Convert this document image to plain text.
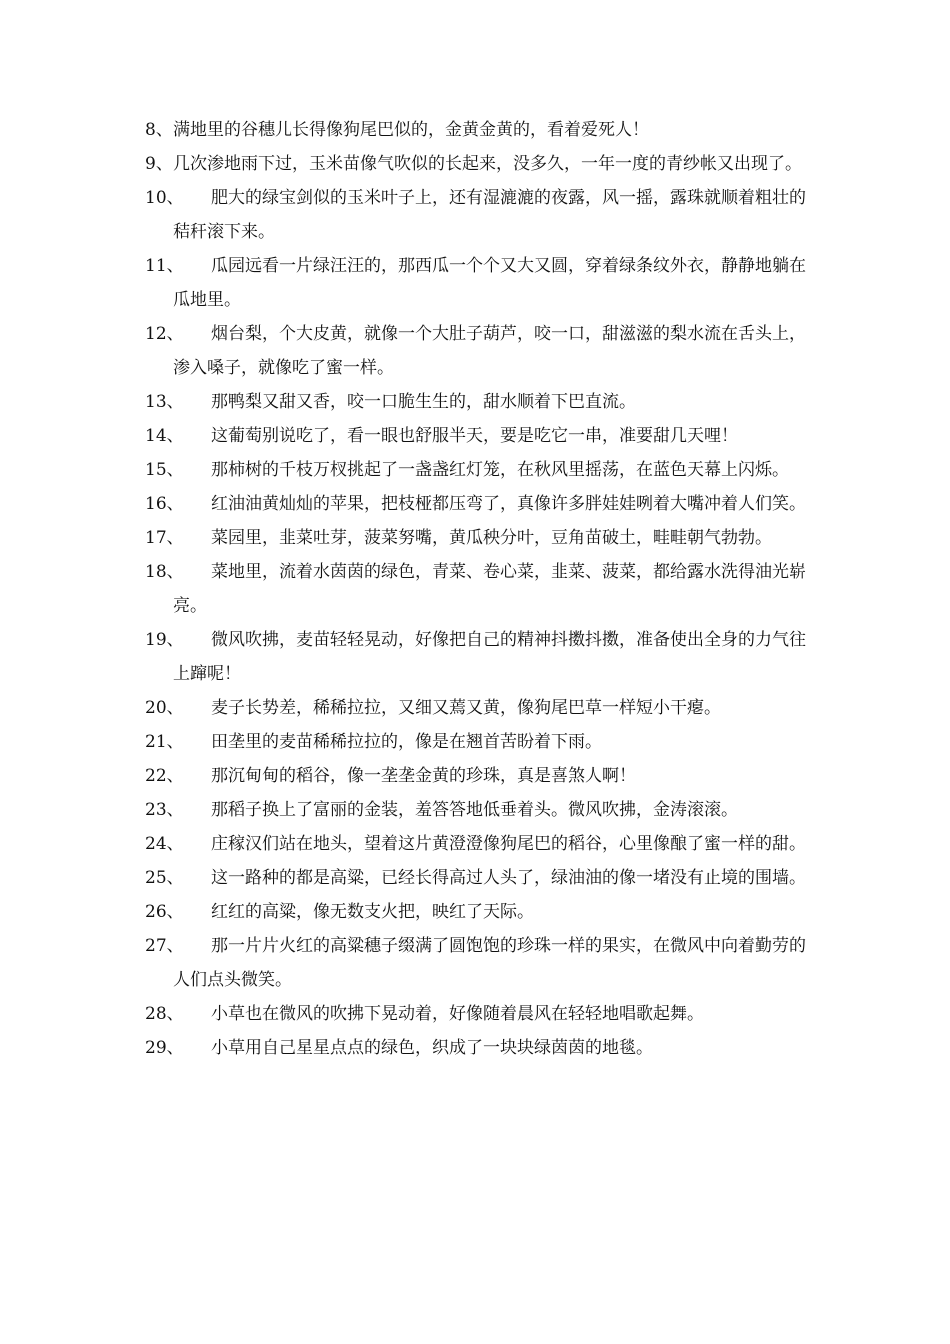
8、 满地里的谷穗儿长得像狗尾巴似的，金黄金黄的，看着爱死人！
9、 几次渗地雨下过，玉米苗像气吹似的长起来，没多久，一年一度的青纱帐又出现了。
10、	肥大的绿宝剑似的玉米叶子上，还有湿漉漉的夜露，风一摇，露珠就顺着粗壮的秸秆滚下来。
11、	瓜园远看一片绿汪汪的，那西瓜一个个又大又圆，穿着绿条纹外衣，静静地躺在瓜地里。
12、	烟台梨，个大皮黄，就像一个大肚子葫芦，咬一口，甜滋滋的梨水流在舌头上，渗入嗓子，就像吃了蜜一样。
13、	那鸭梨又甜又香，咬一口脆生生的，甜水顺着下巴直流。
14、	这葡萄别说吃了，看一眼也舒服半天，要是吃它一串，准要甜几天哩！
15、	那柿树的千枝万杈挑起了一盏盏红灯笼，在秋风里摇荡，在蓝色天幕上闪烁。
16、	红油油黄灿灿的苹果，把枝桠都压弯了，真像许多胖娃娃咧着大嘴冲着人们笑。
17、	菜园里，韭菜吐芽，菠菜努嘴，黄瓜秧分叶，豆角苗破土，畦畦朝气勃勃。
18、	菜地里，流着水茵茵的绿色，青菜、卷心菜，韭菜、菠菜，都给露水洗得油光崭亮。
19、	微风吹拂，麦苗轻轻晃动，好像把自己的精神抖擞抖擞，准备使出全身的力气往上蹿呢！
20、	麦子长势差，稀稀拉拉，又细又蔫又黄，像狗尾巴草一样短小干瘪。
21、	田垄里的麦苗稀稀拉拉的，像是在翘首苦盼着下雨。
22、	那沉甸甸的稻谷，像一垄垄金黄的珍珠，真是喜煞人啊！
23、	那稻子换上了富丽的金装，羞答答地低垂着头。微风吹拂，金涛滚滚。
24、	庄稼汉们站在地头，望着这片黄澄澄像狗尾巴的稻谷，心里像酿了蜜一样的甜。
25、	这一路种的都是高粱，已经长得高过人头了，绿油油的像一堵没有止境的围墙。
26、	红红的高粱，像无数支火把，映红了天际。
27、	那一片片火红的高粱穗子缀满了圆饱饱的珍珠一样的果实，在微风中向着勤劳的人们点头微笑。
28、	小草也在微风的吹拂下晃动着，好像随着晨风在轻轻地唱歌起舞。
29、	小草用自己星星点点的绿色，织成了一块块绿茵茵的地毯。
